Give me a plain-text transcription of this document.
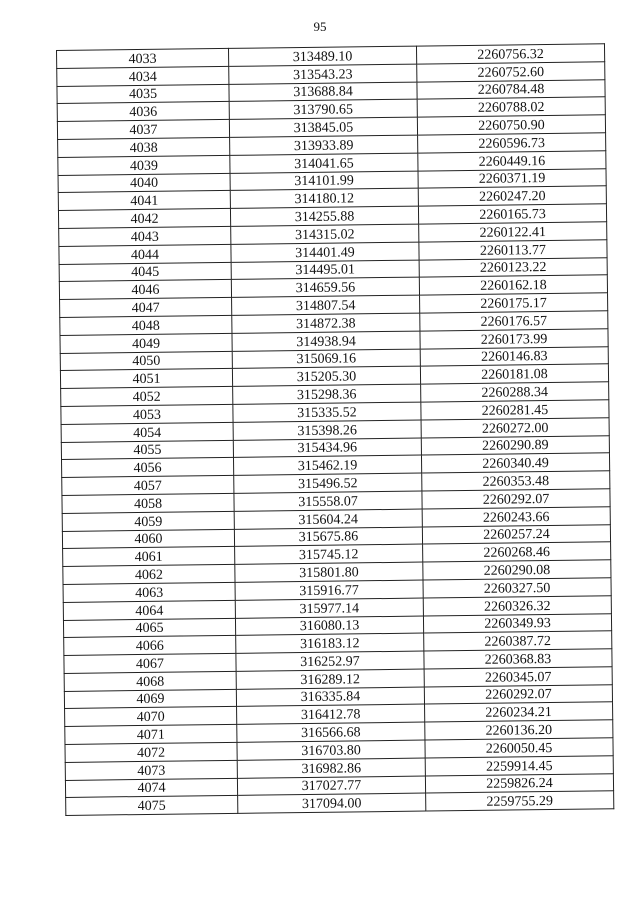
95
4033	313489.10	2260756.32
4034	313543.23	2260752.60
4035	313688.84	2260784.48
4036	313790.65	2260788.02
4037	313845.05	2260750.90
4038	313933.89	2260596.73
4039	314041.65	2260449.16
4040	314101.99	2260371.19
4041	314180.12	2260247.20
4042	314255.88	2260165.73
4043	314315.02	2260122.41
4044	314401.49	2260113.77
4045	314495.01	2260123.22
4046	314659.56	2260162.18
4047	314807.54	2260175.17
4048	314872.38	2260176.57
4049	314938.94	2260173.99
4050	315069.16	2260146.83
4051	315205.30	2260181.08
4052	315298.36	2260288.34
4053	315335.52	2260281.45
4054	315398.26	2260272.00
4055	315434.96	2260290.89
4056	315462.19	2260340.49
4057	315496.52	2260353.48
4058	315558.07	2260292.07
4059	315604.24	2260243.66
4060	315675.86	2260257.24
4061	315745.12	2260268.46
4062	315801.80	2260290.08
4063	315916.77	2260327.50
4064	315977.14	2260326.32
4065	316080.13	2260349.93
4066	316183.12	2260387.72
4067	316252.97	2260368.83
4068	316289.12	2260345.07
4069	316335.84	2260292.07
4070	316412.78	2260234.21
4071	316566.68	2260136.20
4072	316703.80	2260050.45
4073	316982.86	2259914.45
4074	317027.77	2259826.24
4075	317094.00	2259755.29
